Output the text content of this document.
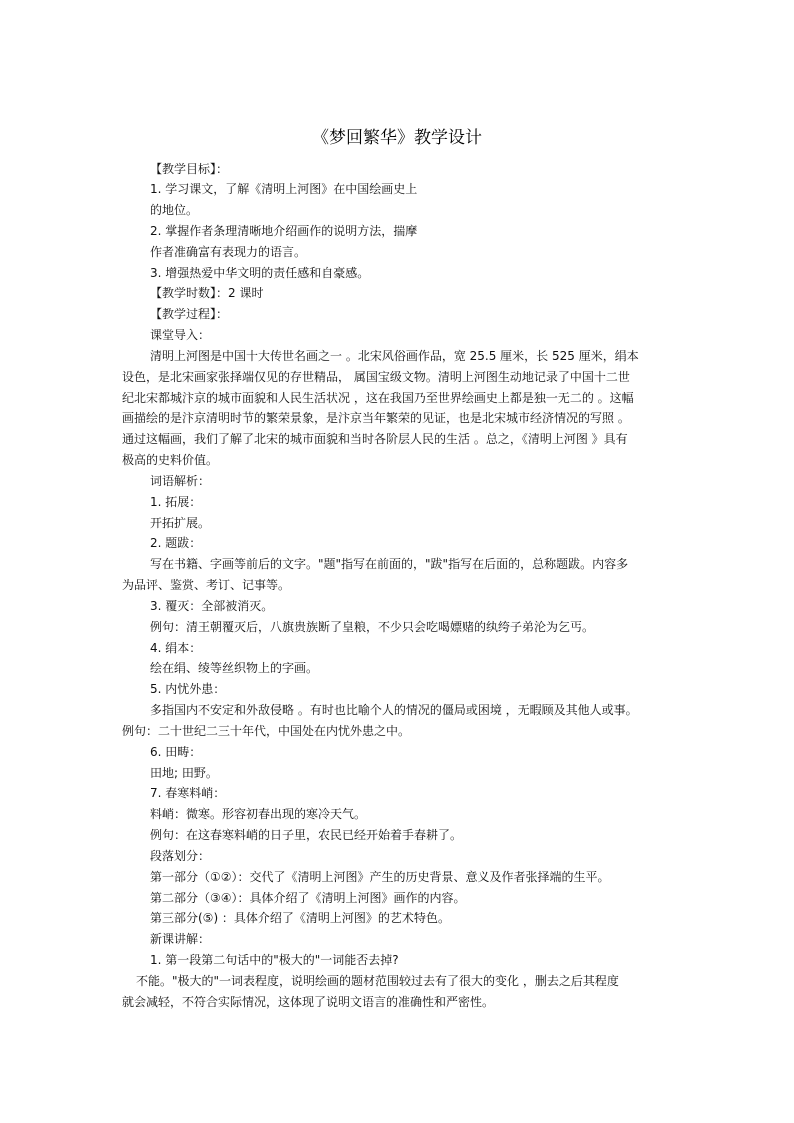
《梦回繁华》教学设计
【教学目标】：
1. 学习课文，了解《清明上河图》在中国绘画史上
的地位。
2. 掌握作者条理清晰地介绍画作的说明方法，揣摩
作者准确富有表现力的语言。
3. 增强热爱中华文明的责任感和自豪感。
【教学时数】：2 课时
【教学过程】：
课堂导入：
清明上河图是中国十大传世名画之一 。北宋风俗画作品，宽 25.5 厘米，长 525 厘米，绢本
设色，是北宋画家张择端仅见的存世精品， 属国宝级文物。清明上河图生动地记录了中国十二世
纪北宋都城汴京的城市面貌和人民生活状况 ，这在我国乃至世界绘画史上都是独一无二的 。这幅
画描绘的是汴京清明时节的繁荣景象，是汴京当年繁荣的见证，也是北宋城市经济情况的写照 。
通过这幅画，我们了解了北宋的城市面貌和当时各阶层人民的生活 。总之，《清明上河图 》具有
极高的史料价值。
词语解析：
1. 拓展：
开拓扩展。
2. 题跋：
写在书籍、字画等前后的文字。"题"指写在前面的，"跋"指写在后面的，总称题跋。内容多
为品评、鉴赏、考订、记事等。
3. 覆灭：全部被消灭。
例句：清王朝覆灭后，八旗贵族断了皇粮，不少只会吃喝嫖赌的纨绔子弟沦为乞丐。
4. 绢本：
绘在绢、绫等丝织物上的字画。
5. 内忧外患：
多指国内不安定和外敌侵略 。有时也比喻个人的情况的僵局或困境 ，无暇顾及其他人或事。
例句：二十世纪二三十年代，中国处在内忧外患之中。
6. 田畴：
田地; 田野。
7. 春寒料峭：
料峭：微寒。形容初春出现的寒冷天气。
例句：在这春寒料峭的日子里，农民已经开始着手春耕了。
段落划分：
第一部分（①②）：交代了《清明上河图》产生的历史背景、意义及作者张择端的生平。
第二部分（③④）：具体介绍了《清明上河图》画作的内容。
第三部分(⑤) ：具体介绍了《清明上河图》的艺术特色。
新课讲解：
1. 第一段第二句话中的"极大的"一词能否去掉?
不能。"极大的"一词表程度，说明绘画的题材范围较过去有了很大的变化 ，删去之后其程度
就会减轻，不符合实际情况，这体现了说明文语言的准确性和严密性。
